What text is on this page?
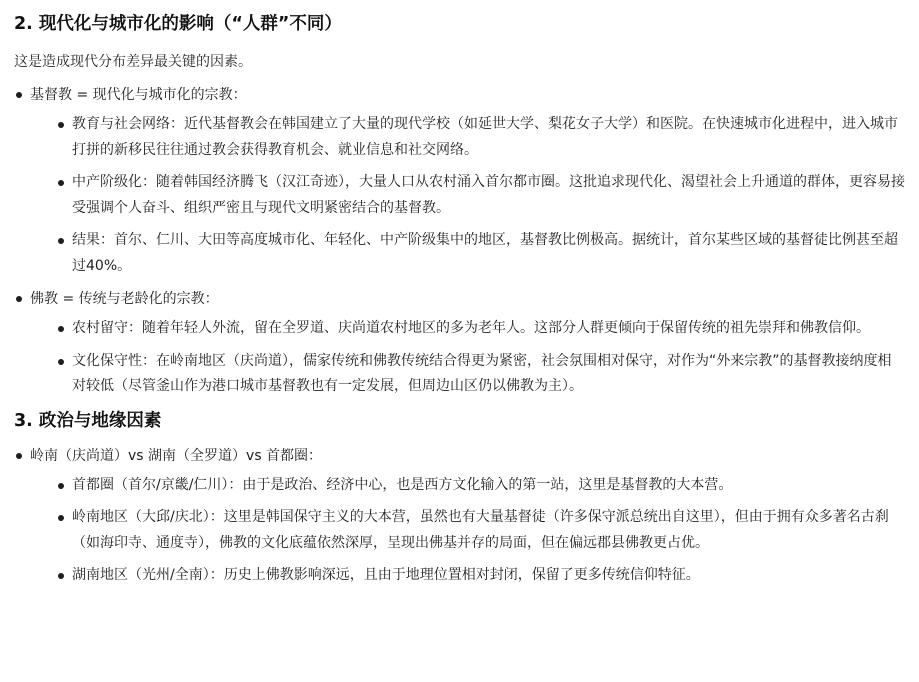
2. 现代化与城市化的影响（“人群”不同）

这是造成现代分布差异最关键的因素。

基督教 = 现代化与城市化的宗教：
教育与社会网络：近代基督教会在韩国建立了大量的现代学校（如延世大学、梨花女子大学）和医院。在快速城市化进程中，进入城市打拼的新移民往往通过教会获得教育机会、就业信息和社交网络。
中产阶级化：随着韩国经济腾飞（汉江奇迹），大量人口从农村涌入首尔都市圈。这批追求现代化、渴望社会上升通道的群体，更容易接受强调个人奋斗、组织严密且与现代文明紧密结合的基督教。
结果：首尔、仁川、大田等高度城市化、年轻化、中产阶级集中的地区，基督教比例极高。据统计，首尔某些区域的基督徒比例甚至超过40%。
佛教 = 传统与老龄化的宗教：
农村留守：随着年轻人外流，留在全罗道、庆尚道农村地区的多为老年人。这部分人群更倾向于保留传统的祖先崇拜和佛教信仰。
文化保守性：在岭南地区（庆尚道），儒家传统和佛教传统结合得更为紧密，社会氛围相对保守，对作为“外来宗教”的基督教接纳度相对较低（尽管釜山作为港口城市基督教也有一定发展，但周边山区仍以佛教为主）。
3. 政治与地缘因素
岭南（庆尚道）vs 湖南（全罗道）vs 首都圈：
首都圈（首尔/京畿/仁川）：由于是政治、经济中心，也是西方文化输入的第一站，这里是基督教的大本营。
岭南地区（大邱/庆北）：这里是韩国保守主义的大本营，虽然也有大量基督徒（许多保守派总统出自这里），但由于拥有众多著名古刹（如海印寺、通度寺），佛教的文化底蕴依然深厚，呈现出佛基并存的局面，但在偏远郡县佛教更占优。
湖南地区（光州/全南）：历史上佛教影响深远，且由于地理位置相对封闭，保留了更多传统信仰特征。
